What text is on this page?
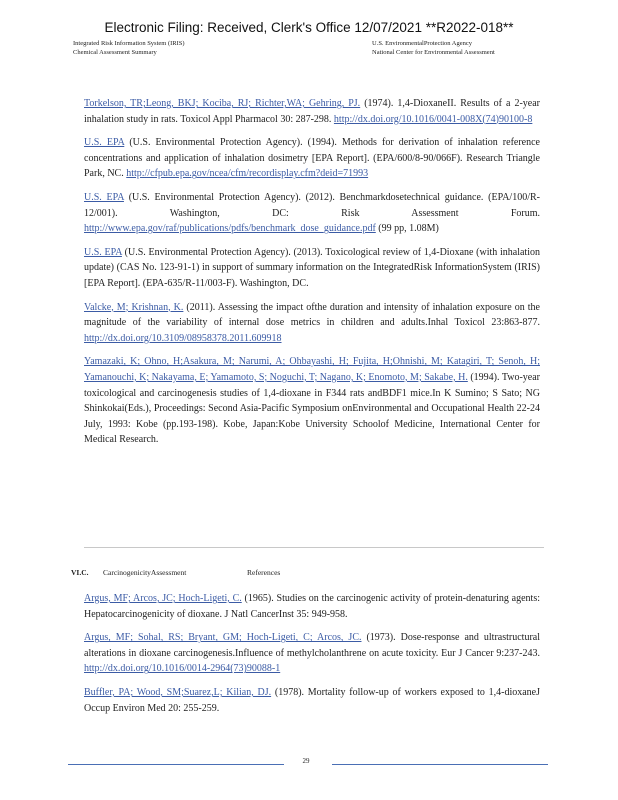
Electronic Filing: Received, Clerk's Office 12/07/2021 **R2022-018**
Integrated Risk Information System (IRIS)
Chemical Assessment Summary
U.S. EnvironmentalProtection Agency
National Center for Environmental Assessment

Torkelson, TR;Leong, BKJ; Kociba, RJ; Richter,WA; Gehring, PJ. (1974). 1,4-DioxaneII. Results of a 2-year inhalation study in rats. Toxicol Appl Pharmacol 30: 287-298. http://dx.doi.org/10.1016/0041-008X(74)90100-8

U.S. EPA (U.S. Environmental Protection Agency). (1994). Methods for derivation of inhalation reference concentrations and application of inhalation dosimetry [EPA Report]. (EPA/600/8-90/066F). Research Triangle Park, NC. http://cfpub.epa.gov/ncea/cfm/recordisplay.cfm?deid=71993

U.S. EPA (U.S. Environmental Protection Agency). (2012). Benchmarkdosetechnical guidance. (EPA/100/R-12/001). Washington, DC: Risk Assessment Forum. http://www.epa.gov/raf/publications/pdfs/benchmark_dose_guidance.pdf (99 pp, 1.08M)

U.S. EPA (U.S. Environmental Protection Agency). (2013). Toxicological review of 1,4-Dioxane (with inhalation update) (CAS No. 123-91-1) in support of summary information on the IntegratedRisk InformationSystem (IRIS) [EPA Report]. (EPA-635/R-11/003-F). Washington, DC.

Valcke, M; Krishnan, K. (2011). Assessing the impact ofthe duration and intensity of inhalation exposure on the magnitude of the variability of internal dose metrics in children and adults.Inhal Toxicol 23:863-877. http://dx.doi.org/10.3109/08958378.2011.609918

Yamazaki, K; Ohno, H;Asakura, M; Narumi, A; Ohbayashi, H; Fujita, H;Ohnishi, M; Katagiri, T; Senoh, H; Yamanouchi, K; Nakayama, E; Yamamoto, S; Noguchi, T; Nagano, K; Enomoto, M; Sakabe, H. (1994). Two-year toxicological and carcinogenesis studies of 1,4-dioxane in F344 rats andBDF1 mice.In K Sumino; S Sato; NG Shinkokai(Eds.), Proceedings: Second Asia-Pacific Symposium onEnvironmental and Occupational Health 22-24 July, 1993: Kobe (pp.193-198). Kobe, Japan:Kobe University Schoolof Medicine, International Center for Medical Research.

VI.C. CarcinogenicityAssessment	References

Argus, MF; Arcos, JC; Hoch-Ligeti, C. (1965). Studies on the carcinogenic activity of protein-denaturing agents: Hepatocarcinogenicity of dioxane. J Natl CancerInst 35: 949-958.

Argus, MF; Sohal, RS; Bryant, GM; Hoch-Ligeti, C; Arcos, JC. (1973). Dose-response and ultrastructural alterations in dioxane carcinogenesis.Influence of methylcholanthrene on acute toxicity. Eur J Cancer 9:237-243. http://dx.doi.org/10.1016/0014-2964(73)90088-1

Buffler, PA; Wood, SM;Suarez,L; Kilian, DJ. (1978). Mortality follow-up of workers exposed to 1,4-dioxaneJ Occup Environ Med 20: 255-259.

29
